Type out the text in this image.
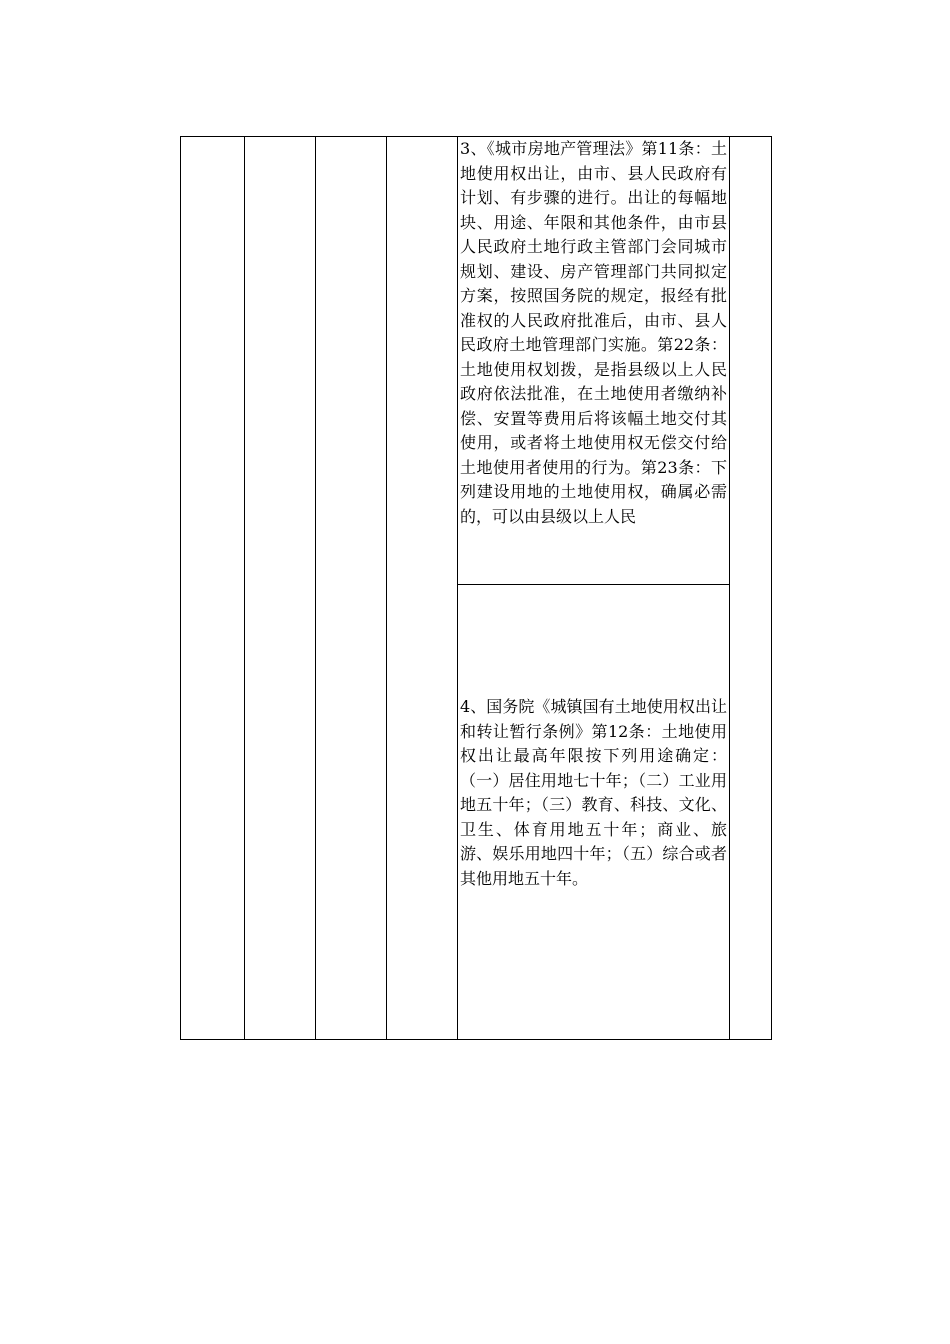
3、《城市房地产管理法》第11条：土地使用权出让，由市、县人民政府有计划、有步骤的进行。出让的每幅地块、用途、年限和其他条件，由市县人民政府土地行政主管部门会同城市规划、建设、房产管理部门共同拟定方案，按照国务院的规定，报经有批准权的人民政府批准后，由市、县人民政府土地管理部门实施。第22条：土地使用权划拨，是指县级以上人民政府依法批准，在土地使用者缴纳补偿、安置等费用后将该幅土地交付其使用，或者将土地使用权无偿交付给土地使用者使用的行为。第23条：下列建设用地的土地使用权，确属必需的，可以由县级以上人民

4、国务院《城镇国有土地使用权出让和转让暂行条例》第12条：土地使用权出让最高年限按下列用途确定：（一）居住用地七十年；（二）工业用地五十年；（三）教育、科技、文化、卫生、体育用地五十年；商业、旅游、娱乐用地四十年；（五）综合或者其他用地五十年。
